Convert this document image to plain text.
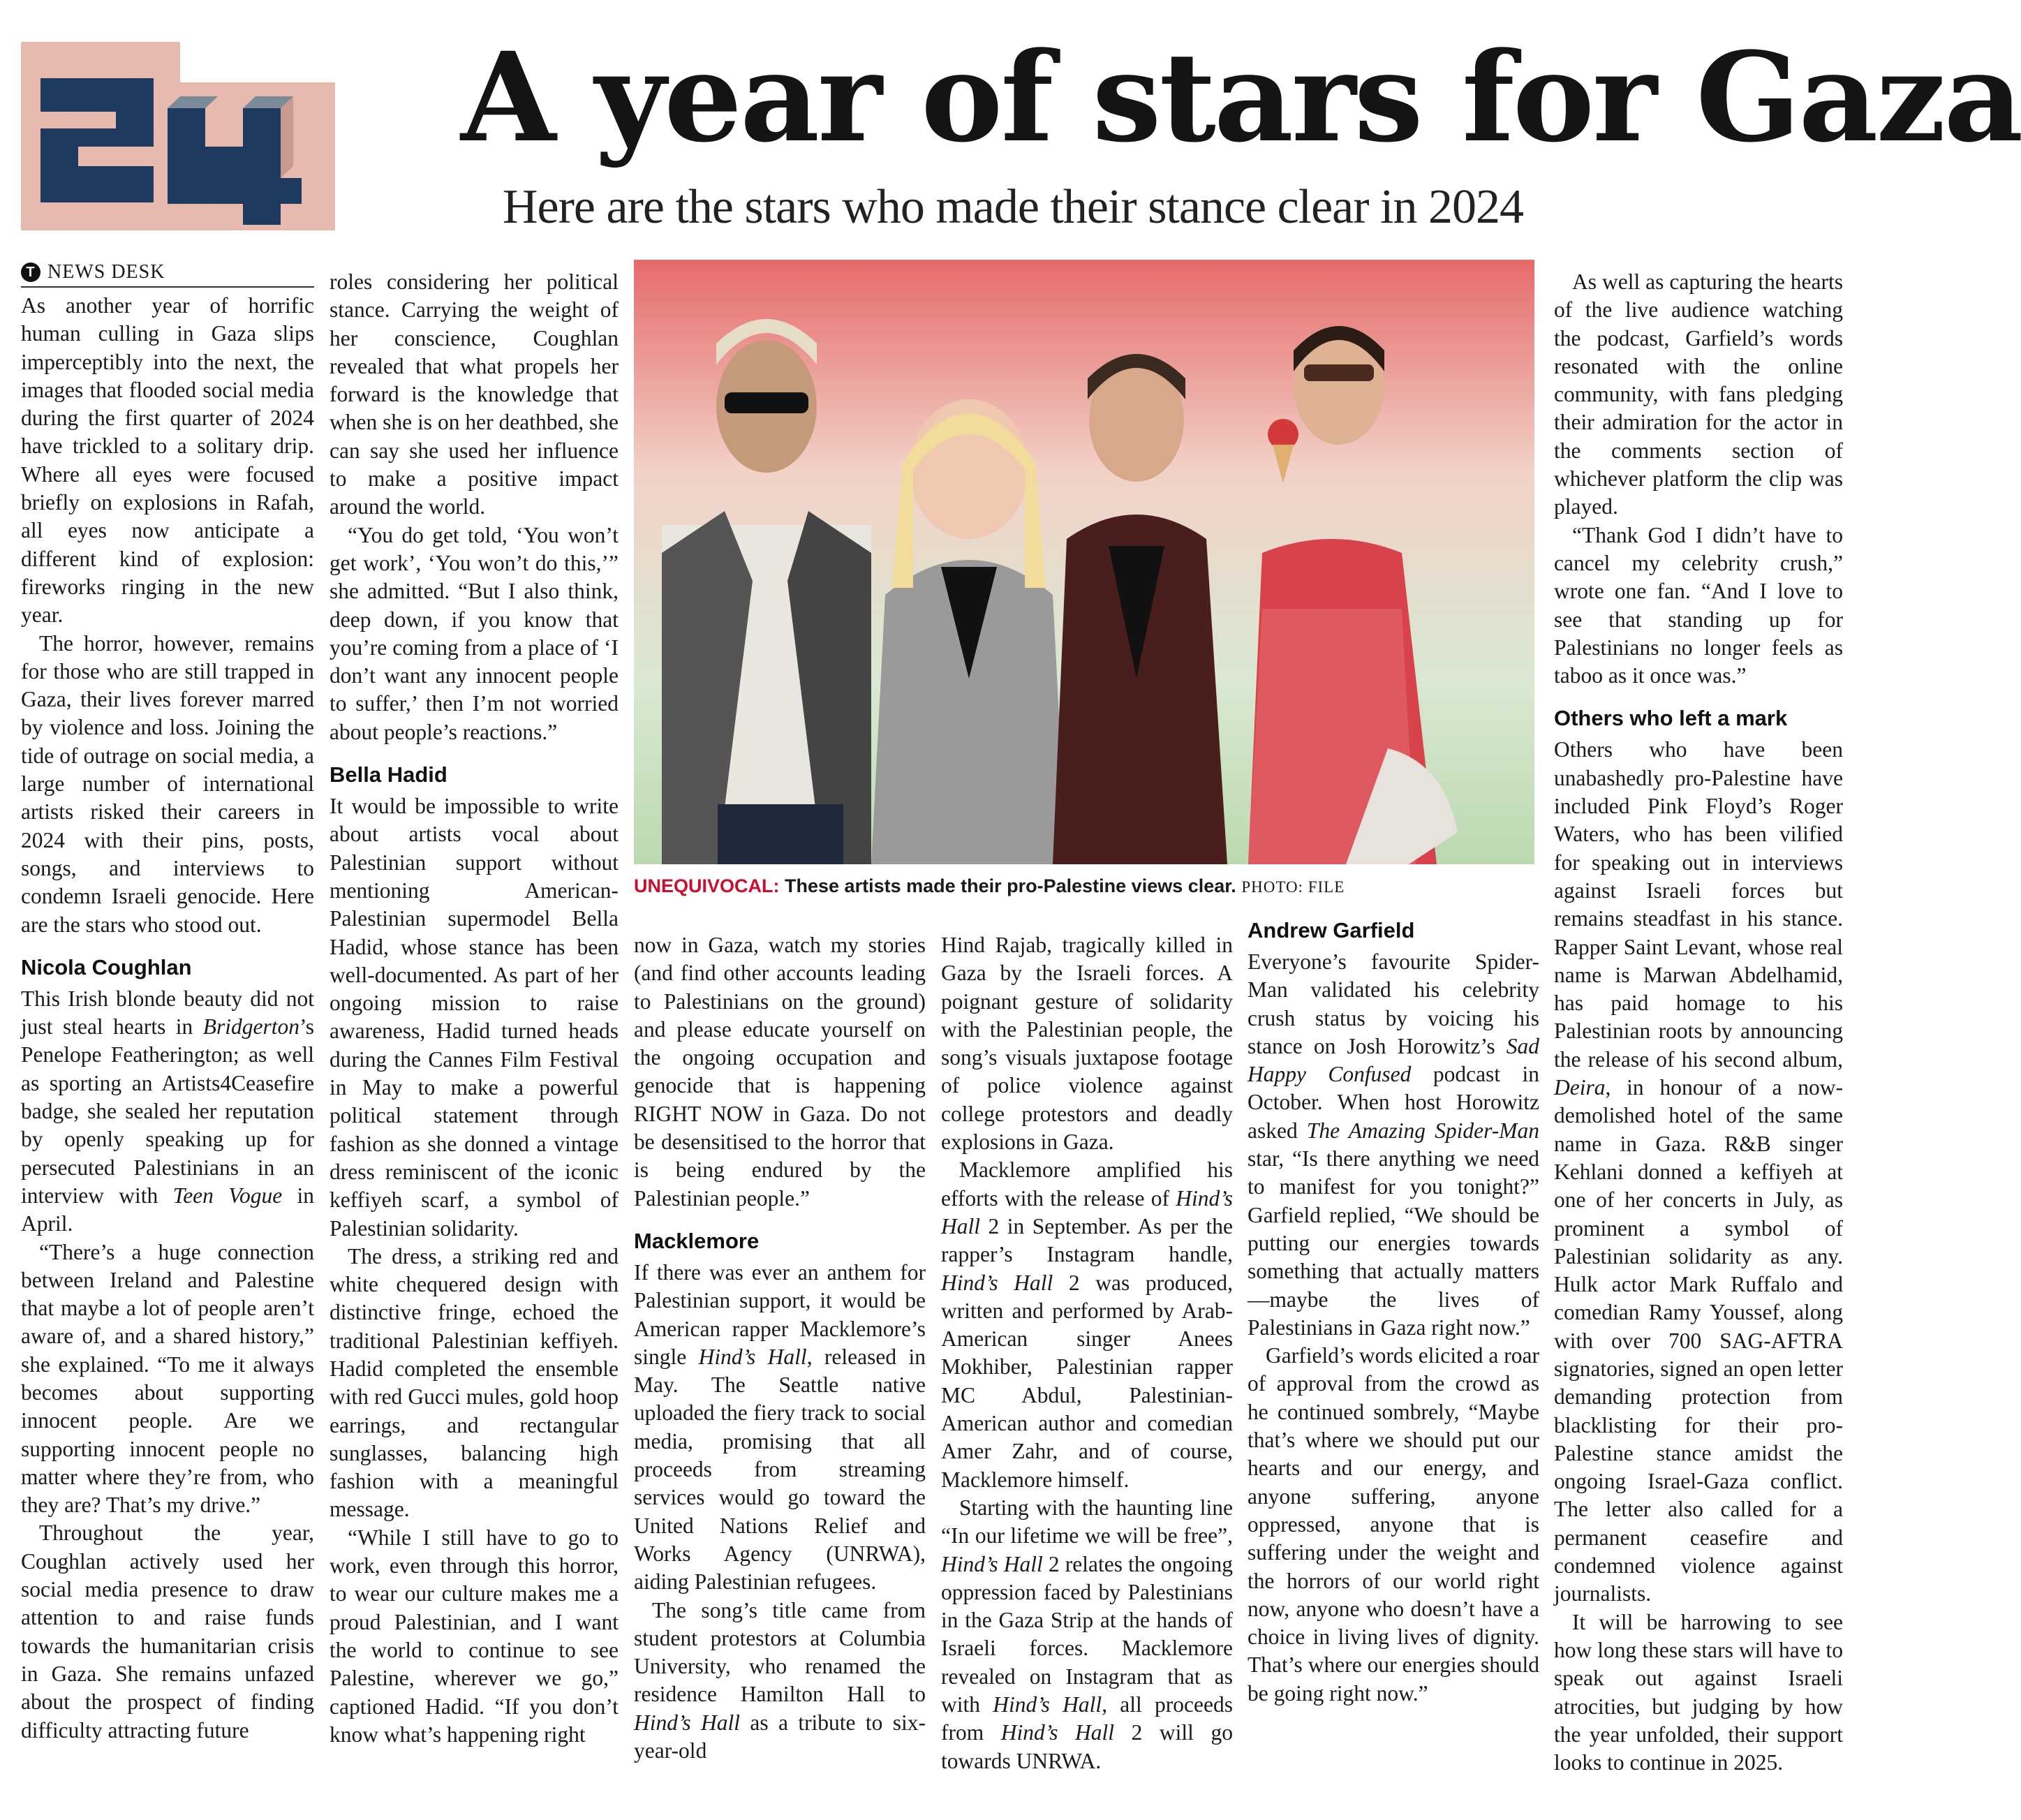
A year of stars for Gaza
Here are the stars who made their stance clear in 2024
T NEWS DESK

As another year of horrific human culling in Gaza slips imperceptibly into the next, the images that flooded social media during the first quarter of 2024 have trickled to a solitary drip. Where all eyes were focused briefly on explosions in Rafah, all eyes now anticipate a different kind of explosion: fireworks ringing in the new year.

The horror, however, remains for those who are still trapped in Gaza, their lives forever marred by violence and loss. Joining the tide of outrage on social media, a large number of international artists risked their careers in 2024 with their pins, posts, songs, and interviews to condemn Israeli genocide. Here are the stars who stood out.

Nicola Coughlan

This Irish blonde beauty did not just steal hearts in Bridgerton’s Penelope Featherington; as well as sporting an Artists4Ceasefire badge, she sealed her reputation by openly speaking up for persecuted Palestinians in an interview with Teen Vogue in April.

“There’s a huge connection between Ireland and Palestine that maybe a lot of people aren’t aware of, and a shared history,” she explained. “To me it always becomes about supporting innocent people. Are we supporting innocent people no matter where they’re from, who they are? That’s my drive.”

Throughout the year, Coughlan actively used her social media presence to draw attention to and raise funds towards the humanitarian crisis in Gaza. She remains unfazed about the prospect of finding difficulty attracting future

roles considering her political stance. Carrying the weight of her conscience, Coughlan revealed that what propels her forward is the knowledge that when she is on her deathbed, she can say she used her influence to make a positive impact around the world.

“You do get told, ‘You won’t get work’, ‘You won’t do this,’” she admitted. “But I also think, deep down, if you know that you’re coming from a place of ‘I don’t want any innocent people to suffer,’ then I’m not worried about people’s reactions.”

Bella Hadid

It would be impossible to write about artists vocal about Palestinian support without mentioning American-Palestinian supermodel Bella Hadid, whose stance has been well-documented. As part of her ongoing mission to raise awareness, Hadid turned heads during the Cannes Film Festival in May to make a powerful political statement through fashion as she donned a vintage dress reminiscent of the iconic keffiyeh scarf, a symbol of Palestinian solidarity.

The dress, a striking red and white chequered design with distinctive fringe, echoed the traditional Palestinian keffiyeh. Hadid completed the ensemble with red Gucci mules, gold hoop earrings, and rectangular sunglasses, balancing high fashion with a meaningful message.

“While I still have to go to work, even through this horror, to wear our culture makes me a proud Palestinian, and I want the world to continue to see Palestine, wherever we go,” captioned Hadid. “If you don’t know what’s happening right

UNEQUIVOCAL: These artists made their pro-Palestine views clear. PHOTO: FILE

now in Gaza, watch my stories (and find other accounts leading to Palestinians on the ground) and please educate yourself on the ongoing occupation and genocide that is happening RIGHT NOW in Gaza. Do not be desensitised to the horror that is being endured by the Palestinian people.”

Macklemore

If there was ever an anthem for Palestinian support, it would be American rapper Macklemore’s single Hind’s Hall, released in May. The Seattle native uploaded the fiery track to social media, promising that all proceeds from streaming services would go toward the United Nations Relief and Works Agency (UNRWA), aiding Palestinian refugees.

The song’s title came from student protestors at Columbia University, who renamed the residence Hamilton Hall to Hind’s Hall as a tribute to six-year-old

Hind Rajab, tragically killed in Gaza by the Israeli forces. A poignant gesture of solidarity with the Palestinian people, the song’s visuals juxtapose footage of police violence against college protestors and deadly explosions in Gaza.

Macklemore amplified his efforts with the release of Hind’s Hall 2 in September. As per the rapper’s Instagram handle, Hind’s Hall 2 was produced, written and performed by Arab-American singer Anees Mokhiber, Palestinian rapper MC Abdul, Palestinian-American author and comedian Amer Zahr, and of course, Macklemore himself.

Starting with the haunting line “In our lifetime we will be free”, Hind’s Hall 2 relates the ongoing oppression faced by Palestinians in the Gaza Strip at the hands of Israeli forces. Macklemore revealed on Instagram that as with Hind’s Hall, all proceeds from Hind’s Hall 2 will go towards UNRWA.

Andrew Garfield

Everyone’s favourite Spider-Man validated his celebrity crush status by voicing his stance on Josh Horowitz’s Sad Happy Confused podcast in October. When host Horowitz asked The Amazing Spider-Man star, “Is there anything we need to manifest for you tonight?” Garfield replied, “We should be putting our energies towards something that actually matters—maybe the lives of Palestinians in Gaza right now.”

Garfield’s words elicited a roar of approval from the crowd as he continued sombrely, “Maybe that’s where we should put our hearts and our energy, and anyone suffering, anyone oppressed, anyone that is suffering under the weight and the horrors of our world right now, anyone who doesn’t have a choice in living lives of dignity. That’s where our energies should be going right now.”

As well as capturing the hearts of the live audience watching the podcast, Garfield’s words resonated with the online community, with fans pledging their admiration for the actor in the comments section of whichever platform the clip was played.

“Thank God I didn’t have to cancel my celebrity crush,” wrote one fan. “And I love to see that standing up for Palestinians no longer feels as taboo as it once was.”

Others who left a mark

Others who have been unabashedly pro-Palestine have included Pink Floyd’s Roger Waters, who has been vilified for speaking out in interviews against Israeli forces but remains steadfast in his stance. Rapper Saint Levant, whose real name is Marwan Abdelhamid, has paid homage to his Palestinian roots by announcing the release of his second album, Deira, in honour of a now-demolished hotel of the same name in Gaza. R&B singer Kehlani donned a keffiyeh at one of her concerts in July, as prominent a symbol of Palestinian solidarity as any. Hulk actor Mark Ruffalo and comedian Ramy Youssef, along with over 700 SAG-AFTRA signatories, signed an open letter demanding protection from blacklisting for their pro-Palestine stance amidst the ongoing Israel-Gaza conflict. The letter also called for a permanent ceasefire and condemned violence against journalists.

It will be harrowing to see how long these stars will have to speak out against Israeli atrocities, but judging by how the year unfolded, their support looks to continue in 2025.
